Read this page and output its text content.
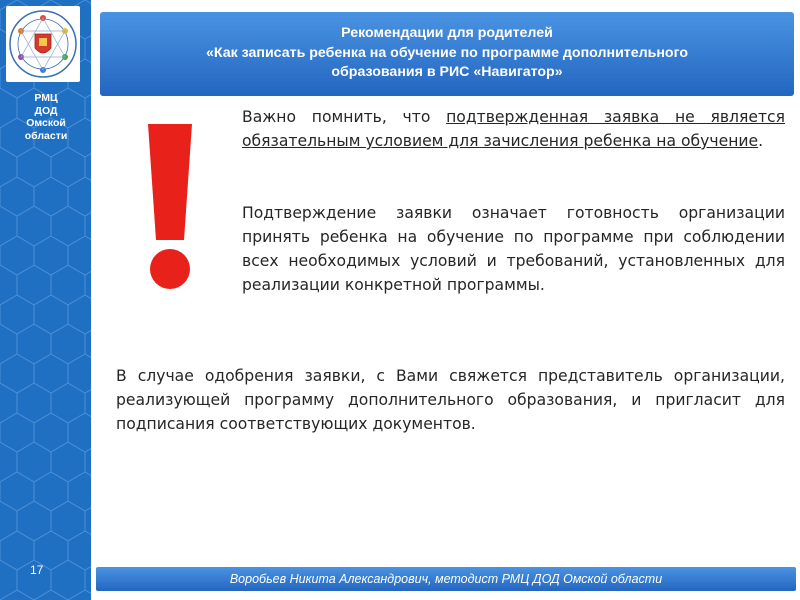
РМЦ
ДОД
Омской
области
17
Рекомендации для родителей
«Как записать ребенка на обучение по программе дополнительного
образования в РИС «Навигатор»

Важно помнить, что подтвержденная заявка не является обязательным условием для зачисления ребенка на обучение.

Подтверждение заявки означает готовность организации принять ребенка на обучение по программе при соблюдении всех необходимых условий и требований, установленных для реализации конкретной программы.

В случае одобрения заявки, с Вами свяжется представитель организации, реализующей программу дополнительного образования, и пригласит для подписания соответствующих документов.

Воробьев Никита Александрович, методист РМЦ ДОД Омской области
